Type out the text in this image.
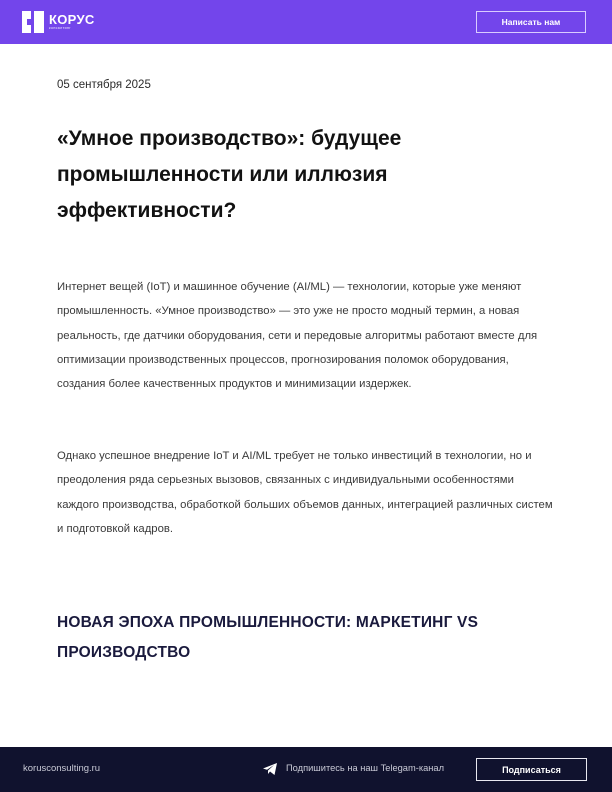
КОРУС
консалтинг
Написать нам
05 сентября 2025
«Умное производство»: будущее промышленности или иллюзия эффективности?

Интернет вещей (IoT) и машинное обучение (AI/ML) — технологии, которые уже меняют промышленность. «Умное производство» — это уже не просто модный термин, а новая реальность, где датчики оборудования, сети и передовые алгоритмы работают вместе для оптимизации производственных процессов, прогнозирования поломок оборудования, создания более качественных продуктов и минимизации издержек.

Однако успешное внедрение IoT и AI/ML требует не только инвестиций в технологии, но и преодоления ряда серьезных вызовов, связанных с индивидуальными особенностями каждого производства, обработкой больших объемов данных, интеграцией различных систем и подготовкой кадров.

НОВАЯ ЭПОХА ПРОМЫШЛЕННОСТИ: МАРКЕТИНГ VS ПРОИЗВОДСТВО
korusconsulting.ru	Подпишитесь на наш Telegam-канал	Подписаться
